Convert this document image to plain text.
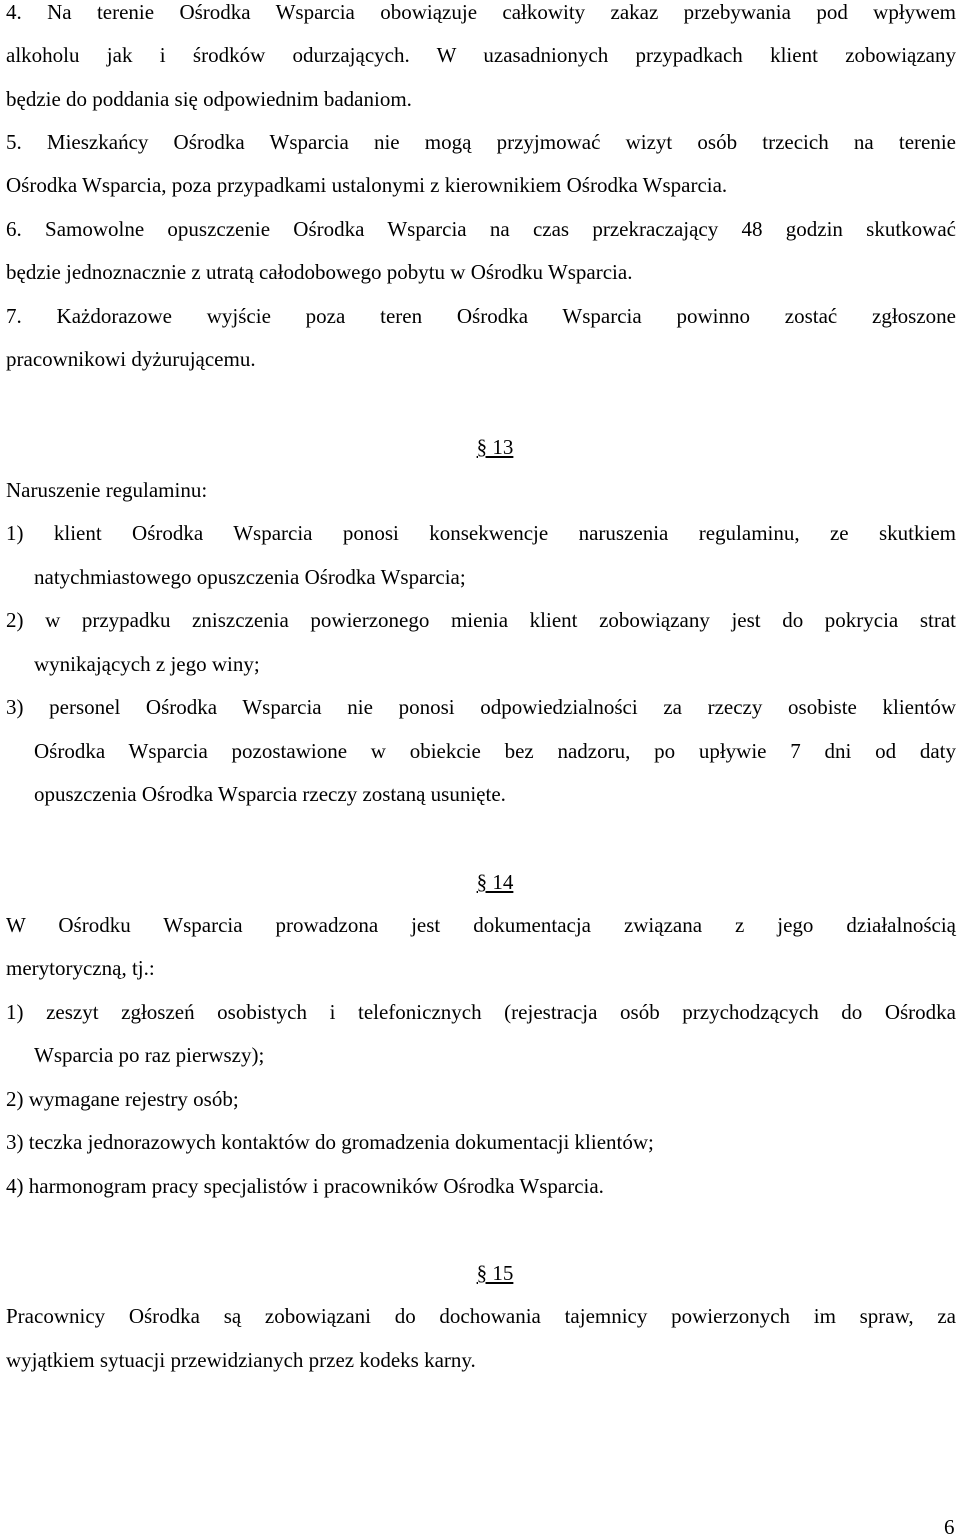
4. Na terenie Ośrodka Wsparcia obowiązuje całkowity zakaz przebywania pod wpływem
alkoholu jak i środków odurzających. W uzasadnionych przypadkach klient zobowiązany
będzie do poddania się odpowiednim badaniom.
5. Mieszkańcy Ośrodka Wsparcia nie mogą przyjmować wizyt osób trzecich na terenie
Ośrodka Wsparcia, poza przypadkami ustalonymi z kierownikiem Ośrodka Wsparcia.
6. Samowolne opuszczenie Ośrodka Wsparcia na czas przekraczający 48 godzin skutkować
będzie jednoznacznie z utratą całodobowego pobytu w Ośrodku Wsparcia.
7. Każdorazowe wyjście poza teren Ośrodka Wsparcia powinno zostać zgłoszone
pracownikowi dyżurującemu.
§ 13
Naruszenie regulaminu:
1) klient Ośrodka Wsparcia ponosi konsekwencje naruszenia regulaminu, ze skutkiem
natychmiastowego opuszczenia Ośrodka Wsparcia;
2) w przypadku zniszczenia powierzonego mienia klient zobowiązany jest do pokrycia strat
wynikających z jego winy;
3) personel Ośrodka Wsparcia nie ponosi odpowiedzialności za rzeczy osobiste klientów
Ośrodka Wsparcia pozostawione w obiekcie bez nadzoru, po upływie 7 dni od daty
opuszczenia Ośrodka Wsparcia rzeczy zostaną usunięte.
§ 14
W Ośrodku Wsparcia prowadzona jest dokumentacja związana z jego działalnością
merytoryczną, tj.:
1) zeszyt zgłoszeń osobistych i telefonicznych (rejestracja osób przychodzących do Ośrodka
Wsparcia po raz pierwszy);
2) wymagane rejestry osób;
3) teczka jednorazowych kontaktów do gromadzenia dokumentacji klientów;
4) harmonogram pracy specjalistów i pracowników Ośrodka Wsparcia.
§ 15
Pracownicy Ośrodka są zobowiązani do dochowania tajemnicy powierzonych im spraw, za
wyjątkiem sytuacji przewidzianych przez kodeks karny.
6
